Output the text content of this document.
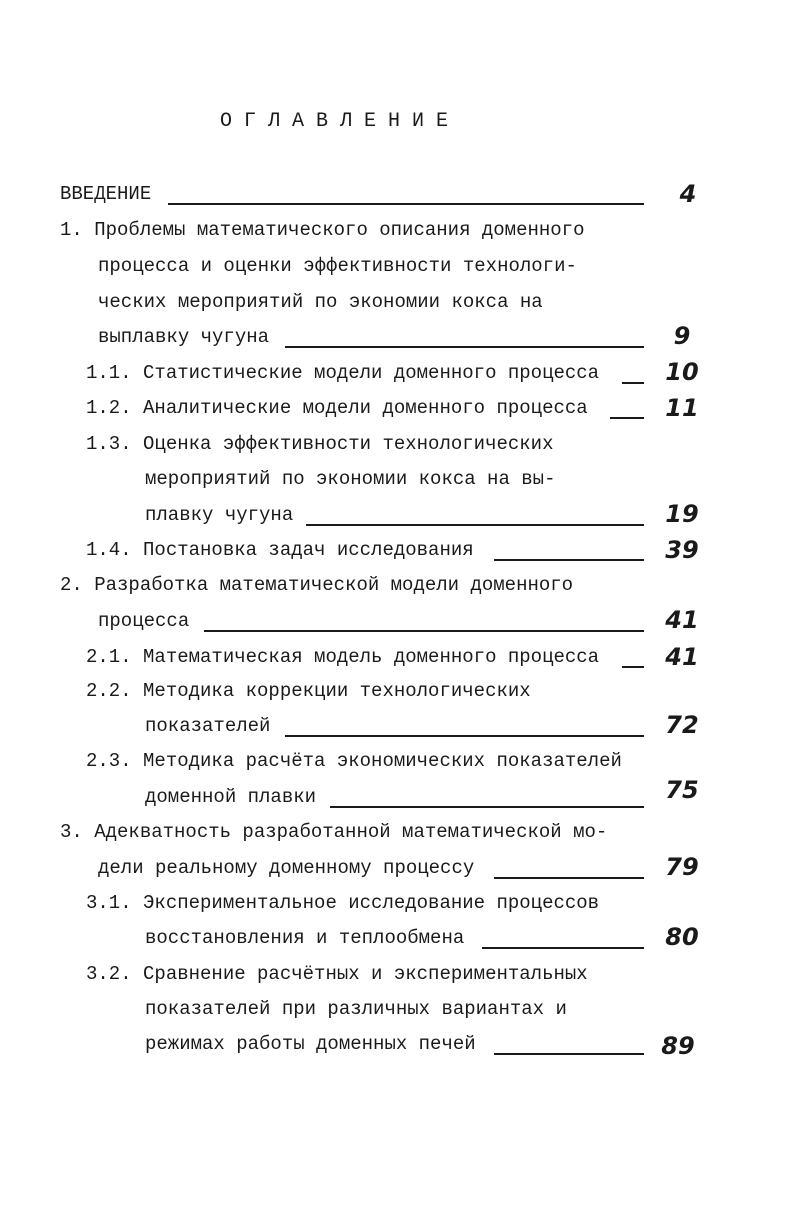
ОГЛАВЛЕНИЕ
ВВЕДЕНИЕ	4
1. Проблемы математического описания доменного
процесса и оценки эффективности технологи-
ческих мероприятий по экономии кокса на
выплавку чугуна	9
1.1. Статистические модели доменного процесса	10
1.2. Аналитические модели доменного процесса	11
1.3. Оценка эффективности технологических
мероприятий по экономии кокса на вы-
плавку чугуна	19
1.4. Постановка задач исследования	39
2. Разработка математической модели доменного
процесса	41
2.1. Математическая модель доменного процесса	41
2.2. Методика коррекции технологических
показателей	72
2.3. Методика расчёта экономических показателей
доменной плавки	75
3. Адекватность разработанной математической мо-
дели реальному доменному процессу	79
3.1. Экспериментальное исследование процессов
восстановления и теплообмена	80
3.2. Сравнение расчётных и экспериментальных
показателей при различных вариантах и
режимах работы доменных печей	89
